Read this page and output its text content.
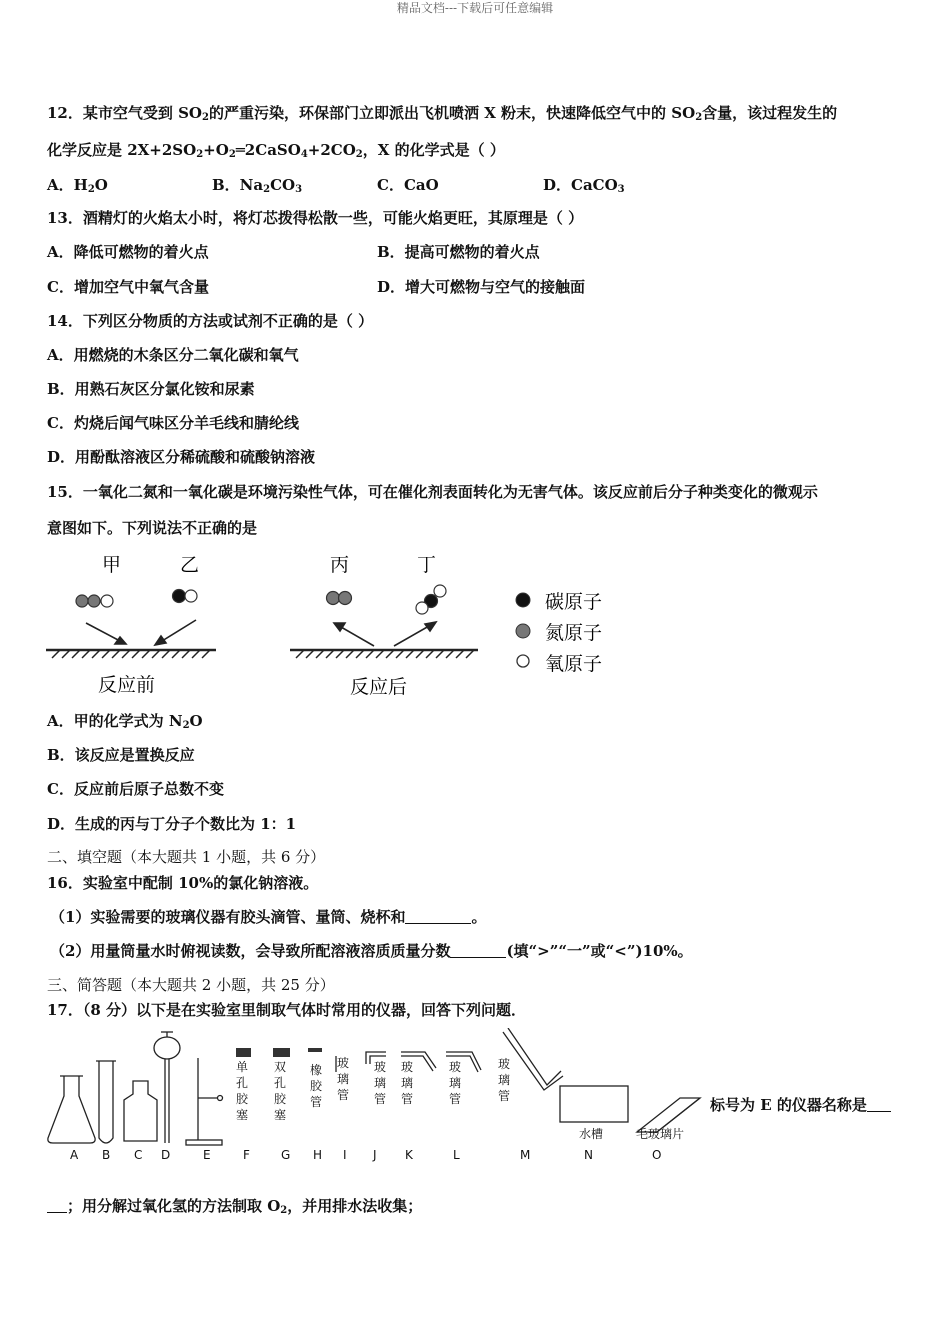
精品文档---下载后可任意编辑
12．某市空气受到 $SO_2$的严重污染，环保部门立即派出飞机喷洒 X 粉末，快速降低空气中的 $SO_2$含量，该过程发生的
化学反应是 $2X+2SO_2+O_2═2CaSO_4+2CO_2$，X 的化学式是（ ）
A．$H_2O$	B．$Na_2CO_3$	C．CaO	D．CaCO$_3$
13．酒精灯的火焰太小时，将灯芯拨得松散一些，可能火焰更旺，其原理是（ ）
A．降低可燃物的着火点	B．提高可燃物的着火点
C．增加空气中氧气含量	D．增大可燃物与空气的接触面
14．下列区分物质的方法或试剂不正确的是（ ）
A．用燃烧的木条区分二氧化碳和氧气
B．用熟石灰区分氯化铵和尿素
C．灼烧后闻气味区分羊毛线和腈纶线
D．用酚酞溶液区分稀硫酸和硫酸钠溶液
15．一氧化二氮和一氧化碳是环境污染性气体，可在催化剂表面转化为无害气体。该反应前后分子种类变化的微观示
意图如下。下列说法不正确的是
甲	乙	丙	丁
反应前	反应后
碳原子
氮原子
氧原子
A．甲的化学式为 $N_2O$
B．该反应是置换反应
C．反应前后原子总数不变
D．生成的丙与丁分子个数比为 1：1
二、填空题（本大题共 1 小题，共 6 分）
16．实验室中配制 10%的氯化钠溶液。
（1）实验需要的玻璃仪器有胶头滴管、量筒、烧杯和	。
（2）用量筒量水时俯视读数，会导致所配溶液溶质质量分数	(填“>”“一”或“<”)10%。
三、简答题（本大题共 2 小题，共 25 分）
17．（8 分）以下是在实验室里制取气体时常用的仪器，回答下列问题．
单
孔
胶
塞
双
孔
胶
塞
橡
胶
管
玻
璃
管
玻
璃
管
玻
璃
管
玻
璃
管
玻
璃
管
水槽	毛玻璃片
A B C D	E	F	G H I J K	L	M	N	O
标号为 E 的仪器名称是
；用分解过氧化氢的方法制取 $O_2$，并用排水法收集；
